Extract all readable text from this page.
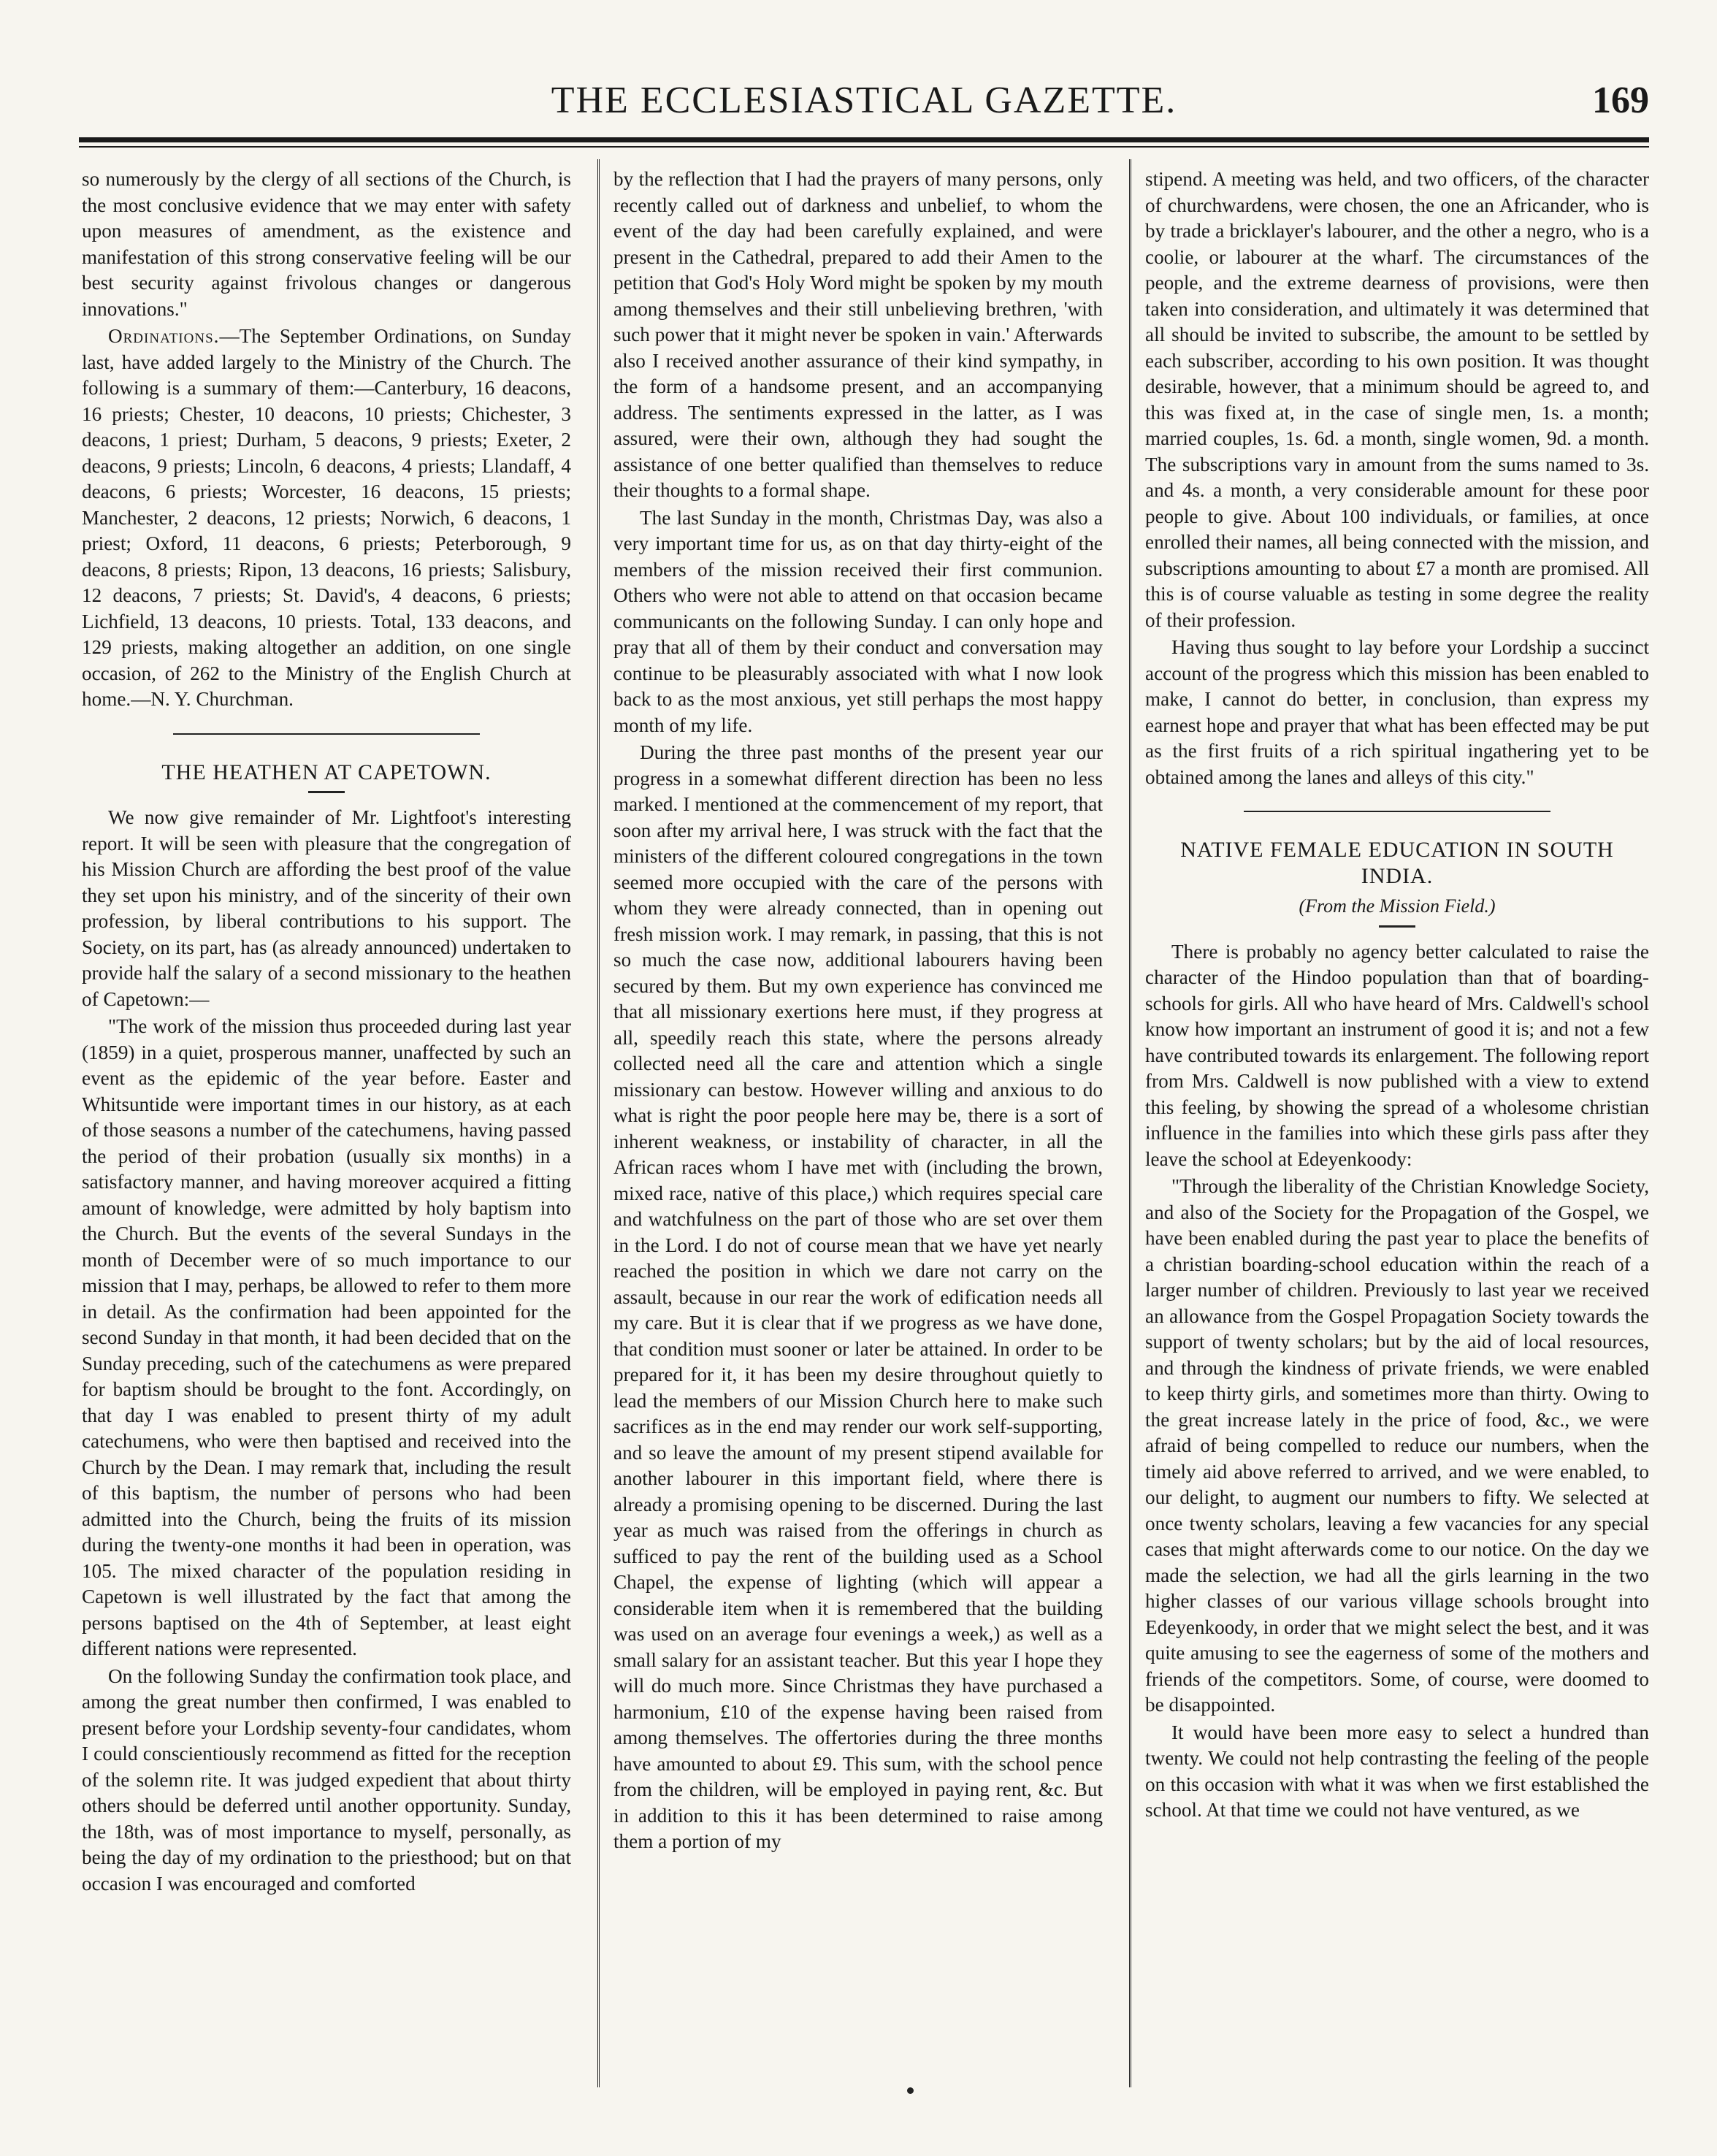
THE ECCLESIASTICAL GAZETTE.	169

so numerously by the clergy of all sections of the Church, is the most conclusive evidence that we may enter with safety upon measures of amendment, as the existence and manifestation of this strong conservative feeling will be our best security against frivolous changes or dangerous innovations."

Ordinations.—The September Ordinations, on Sunday last, have added largely to the Ministry of the Church. The following is a summary of them:—Canterbury, 16 deacons, 16 priests; Chester, 10 deacons, 10 priests; Chichester, 3 deacons, 1 priest; Durham, 5 deacons, 9 priests; Exeter, 2 deacons, 9 priests; Lincoln, 6 deacons, 4 priests; Llandaff, 4 deacons, 6 priests; Worcester, 16 deacons, 15 priests; Manchester, 2 deacons, 12 priests; Norwich, 6 deacons, 1 priest; Oxford, 11 deacons, 6 priests; Peterborough, 9 deacons, 8 priests; Ripon, 13 deacons, 16 priests; Salisbury, 12 deacons, 7 priests; St. David's, 4 deacons, 6 priests; Lichfield, 13 deacons, 10 priests. Total, 133 deacons, and 129 priests, making altogether an addition, on one single occasion, of 262 to the Ministry of the English Church at home.—N. Y. Churchman.

THE HEATHEN AT CAPETOWN.

We now give remainder of Mr. Lightfoot's interesting report. It will be seen with pleasure that the congregation of his Mission Church are affording the best proof of the value they set upon his ministry, and of the sincerity of their own profession, by liberal contributions to his support. The Society, on its part, has (as already announced) undertaken to provide half the salary of a second missionary to the heathen of Capetown:—

"The work of the mission thus proceeded during last year (1859) in a quiet, prosperous manner, unaffected by such an event as the epidemic of the year before. Easter and Whitsuntide were important times in our history, as at each of those seasons a number of the catechumens, having passed the period of their probation (usually six months) in a satisfactory manner, and having moreover acquired a fitting amount of knowledge, were admitted by holy baptism into the Church. But the events of the several Sundays in the month of December were of so much importance to our mission that I may, perhaps, be allowed to refer to them more in detail. As the confirmation had been appointed for the second Sunday in that month, it had been decided that on the Sunday preceding, such of the catechumens as were prepared for baptism should be brought to the font. Accordingly, on that day I was enabled to present thirty of my adult catechumens, who were then baptised and received into the Church by the Dean. I may remark that, including the result of this baptism, the number of persons who had been admitted into the Church, being the fruits of its mission during the twenty-one months it had been in operation, was 105. The mixed character of the population residing in Capetown is well illustrated by the fact that among the persons baptised on the 4th of September, at least eight different nations were represented.

On the following Sunday the confirmation took place, and among the great number then confirmed, I was enabled to present before your Lordship seventy-four candidates, whom I could conscientiously recommend as fitted for the reception of the solemn rite. It was judged expedient that about thirty others should be deferred until another opportunity. Sunday, the 18th, was of most importance to myself, personally, as being the day of my ordination to the priesthood; but on that occasion I was encouraged and comforted

by the reflection that I had the prayers of many persons, only recently called out of darkness and unbelief, to whom the event of the day had been carefully explained, and were present in the Cathedral, prepared to add their Amen to the petition that God's Holy Word might be spoken by my mouth among themselves and their still unbelieving brethren, 'with such power that it might never be spoken in vain.' Afterwards also I received another assurance of their kind sympathy, in the form of a handsome present, and an accompanying address. The sentiments expressed in the latter, as I was assured, were their own, although they had sought the assistance of one better qualified than themselves to reduce their thoughts to a formal shape.

The last Sunday in the month, Christmas Day, was also a very important time for us, as on that day thirty-eight of the members of the mission received their first communion. Others who were not able to attend on that occasion became communicants on the following Sunday. I can only hope and pray that all of them by their conduct and conversation may continue to be pleasurably associated with what I now look back to as the most anxious, yet still perhaps the most happy month of my life.

During the three past months of the present year our progress in a somewhat different direction has been no less marked. I mentioned at the commencement of my report, that soon after my arrival here, I was struck with the fact that the ministers of the different coloured congregations in the town seemed more occupied with the care of the persons with whom they were already connected, than in opening out fresh mission work. I may remark, in passing, that this is not so much the case now, additional labourers having been secured by them. But my own experience has convinced me that all missionary exertions here must, if they progress at all, speedily reach this state, where the persons already collected need all the care and attention which a single missionary can bestow. However willing and anxious to do what is right the poor people here may be, there is a sort of inherent weakness, or instability of character, in all the African races whom I have met with (including the brown, mixed race, native of this place,) which requires special care and watchfulness on the part of those who are set over them in the Lord. I do not of course mean that we have yet nearly reached the position in which we dare not carry on the assault, because in our rear the work of edification needs all my care. But it is clear that if we progress as we have done, that condition must sooner or later be attained. In order to be prepared for it, it has been my desire throughout quietly to lead the members of our Mission Church here to make such sacrifices as in the end may render our work self-supporting, and so leave the amount of my present stipend available for another labourer in this important field, where there is already a promising opening to be discerned. During the last year as much was raised from the offerings in church as sufficed to pay the rent of the building used as a School Chapel, the expense of lighting (which will appear a considerable item when it is remembered that the building was used on an average four evenings a week,) as well as a small salary for an assistant teacher. But this year I hope they will do much more. Since Christmas they have purchased a harmonium, £10 of the expense having been raised from among themselves. The offertories during the three months have amounted to about £9. This sum, with the school pence from the children, will be employed in paying rent, &c. But in addition to this it has been determined to raise among them a portion of my

stipend. A meeting was held, and two officers, of the character of churchwardens, were chosen, the one an Africander, who is by trade a bricklayer's labourer, and the other a negro, who is a coolie, or labourer at the wharf. The circumstances of the people, and the extreme dearness of provisions, were then taken into consideration, and ultimately it was determined that all should be invited to subscribe, the amount to be settled by each subscriber, according to his own position. It was thought desirable, however, that a minimum should be agreed to, and this was fixed at, in the case of single men, 1s. a month; married couples, 1s. 6d. a month, single women, 9d. a month. The subscriptions vary in amount from the sums named to 3s. and 4s. a month, a very considerable amount for these poor people to give. About 100 individuals, or families, at once enrolled their names, all being connected with the mission, and subscriptions amounting to about £7 a month are promised. All this is of course valuable as testing in some degree the reality of their profession.

Having thus sought to lay before your Lordship a succinct account of the progress which this mission has been enabled to make, I cannot do better, in conclusion, than express my earnest hope and prayer that what has been effected may be put as the first fruits of a rich spiritual ingathering yet to be obtained among the lanes and alleys of this city."

NATIVE FEMALE EDUCATION IN SOUTH INDIA.
(From the Mission Field.)

There is probably no agency better calculated to raise the character of the Hindoo population than that of boarding-schools for girls. All who have heard of Mrs. Caldwell's school know how important an instrument of good it is; and not a few have contributed towards its enlargement. The following report from Mrs. Caldwell is now published with a view to extend this feeling, by showing the spread of a wholesome christian influence in the families into which these girls pass after they leave the school at Edeyenkoody:

"Through the liberality of the Christian Knowledge Society, and also of the Society for the Propagation of the Gospel, we have been enabled during the past year to place the benefits of a christian boarding-school education within the reach of a larger number of children. Previously to last year we received an allowance from the Gospel Propagation Society towards the support of twenty scholars; but by the aid of local resources, and through the kindness of private friends, we were enabled to keep thirty girls, and sometimes more than thirty. Owing to the great increase lately in the price of food, &c., we were afraid of being compelled to reduce our numbers, when the timely aid above referred to arrived, and we were enabled, to our delight, to augment our numbers to fifty. We selected at once twenty scholars, leaving a few vacancies for any special cases that might afterwards come to our notice. On the day we made the selection, we had all the girls learning in the two higher classes of our various village schools brought into Edeyenkoody, in order that we might select the best, and it was quite amusing to see the eagerness of some of the mothers and friends of the competitors. Some, of course, were doomed to be disappointed.

It would have been more easy to select a hundred than twenty. We could not help contrasting the feeling of the people on this occasion with what it was when we first established the school. At that time we could not have ventured, as we
